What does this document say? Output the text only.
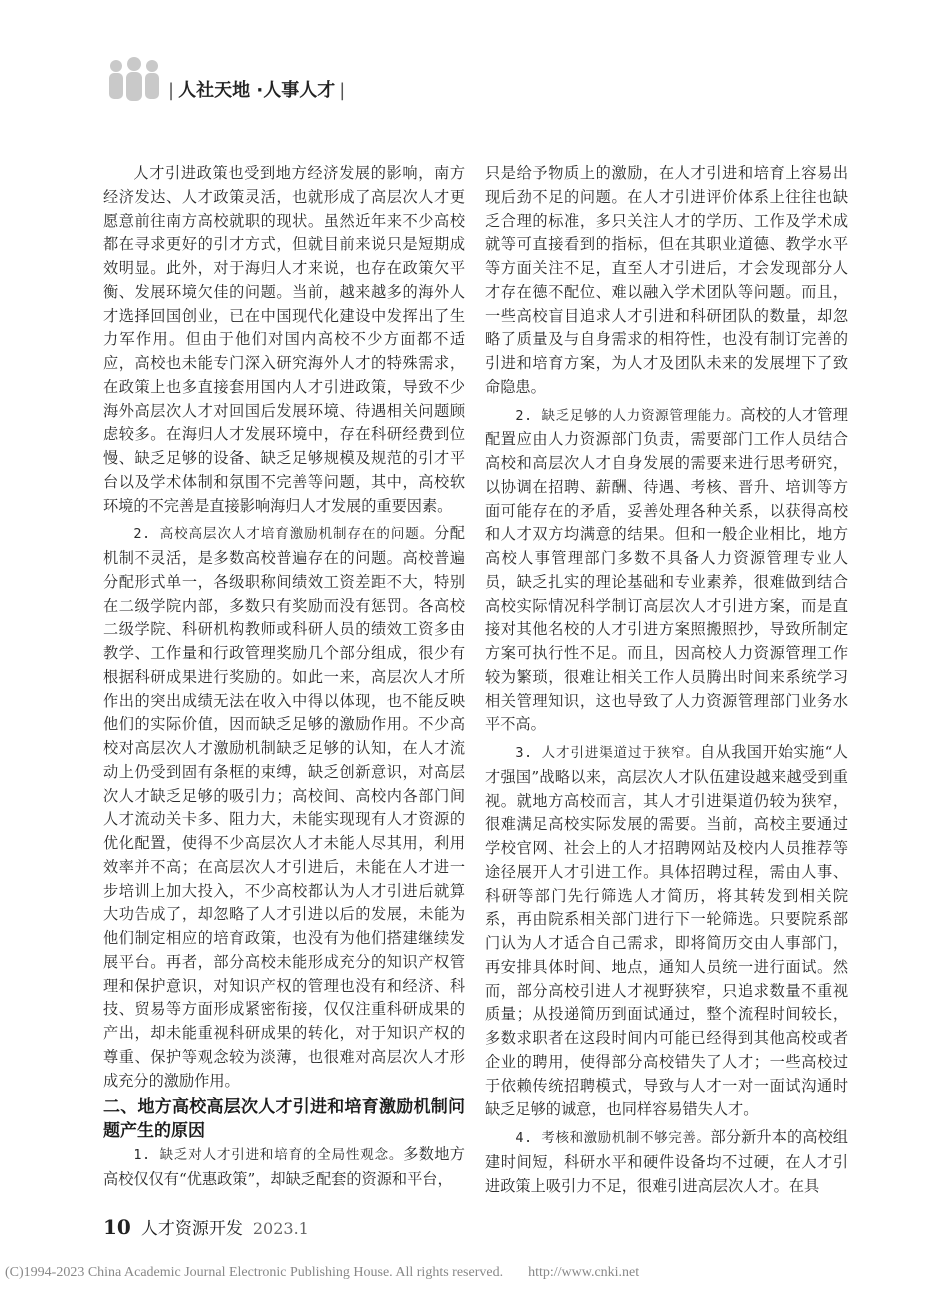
| 人社天地 ·人事人才 |

人才引进政策也受到地方经济发展的影响，南方经济发达、人才政策灵活，也就形成了高层次人才更愿意前往南方高校就职的现状。虽然近年来不少高校都在寻求更好的引才方式，但就目前来说只是短期成效明显。此外，对于海归人才来说，也存在政策欠平衡、发展环境欠佳的问题。当前，越来越多的海外人才选择回国创业，已在中国现代化建设中发挥出了生力军作用。但由于他们对国内高校不少方面都不适应，高校也未能专门深入研究海外人才的特殊需求，在政策上也多直接套用国内人才引进政策，导致不少海外高层次人才对回国后发展环境、待遇相关问题顾虑较多。在海归人才发展环境中，存在科研经费到位慢、缺乏足够的设备、缺乏足够规模及规范的引才平台以及学术体制和氛围不完善等问题，其中，高校软环境的不完善是直接影响海归人才发展的重要因素。

2. 高校高层次人才培育激励机制存在的问题。分配机制不灵活，是多数高校普遍存在的问题。高校普遍分配形式单一，各级职称间绩效工资差距不大，特别在二级学院内部，多数只有奖励而没有惩罚。各高校二级学院、科研机构教师或科研人员的绩效工资多由教学、工作量和行政管理奖励几个部分组成，很少有根据科研成果进行奖励的。如此一来，高层次人才所作出的突出成绩无法在收入中得以体现，也不能反映他们的实际价值，因而缺乏足够的激励作用。不少高校对高层次人才激励机制缺乏足够的认知，在人才流动上仍受到固有条框的束缚，缺乏创新意识，对高层次人才缺乏足够的吸引力；高校间、高校内各部门间人才流动关卡多、阻力大，未能实现现有人才资源的优化配置，使得不少高层次人才未能人尽其用，利用效率并不高；在高层次人才引进后，未能在人才进一步培训上加大投入，不少高校都认为人才引进后就算大功告成了，却忽略了人才引进以后的发展，未能为他们制定相应的培育政策，也没有为他们搭建继续发展平台。再者，部分高校未能形成充分的知识产权管理和保护意识，对知识产权的管理也没有和经济、科技、贸易等方面形成紧密衔接，仅仅注重科研成果的产出，却未能重视科研成果的转化，对于知识产权的尊重、保护等观念较为淡薄，也很难对高层次人才形成充分的激励作用。

二、地方高校高层次人才引进和培育激励机制问题产生的原因

1. 缺乏对人才引进和培育的全局性观念。多数地方高校仅仅有“优惠政策”，却缺乏配套的资源和平台，

只是给予物质上的激励，在人才引进和培育上容易出现后劲不足的问题。在人才引进评价体系上往往也缺乏合理的标准，多只关注人才的学历、工作及学术成就等可直接看到的指标，但在其职业道德、教学水平等方面关注不足，直至人才引进后，才会发现部分人才存在德不配位、难以融入学术团队等问题。而且，一些高校盲目追求人才引进和科研团队的数量，却忽略了质量及与自身需求的相符性，也没有制订完善的引进和培育方案，为人才及团队未来的发展埋下了致命隐患。

2. 缺乏足够的人力资源管理能力。高校的人才管理配置应由人力资源部门负责，需要部门工作人员结合高校和高层次人才自身发展的需要来进行思考研究，以协调在招聘、薪酬、待遇、考核、晋升、培训等方面可能存在的矛盾，妥善处理各种关系，以获得高校和人才双方均满意的结果。但和一般企业相比，地方高校人事管理部门多数不具备人力资源管理专业人员，缺乏扎实的理论基础和专业素养，很难做到结合高校实际情况科学制订高层次人才引进方案，而是直接对其他名校的人才引进方案照搬照抄，导致所制定方案可执行性不足。而且，因高校人力资源管理工作较为繁琐，很难让相关工作人员腾出时间来系统学习相关管理知识，这也导致了人力资源管理部门业务水平不高。

3. 人才引进渠道过于狭窄。自从我国开始实施“人才强国”战略以来，高层次人才队伍建设越来越受到重视。就地方高校而言，其人才引进渠道仍较为狭窄，很难满足高校实际发展的需要。当前，高校主要通过学校官网、社会上的人才招聘网站及校内人员推荐等途径展开人才引进工作。具体招聘过程，需由人事、科研等部门先行筛选人才简历，将其转发到相关院系，再由院系相关部门进行下一轮筛选。只要院系部门认为人才适合自己需求，即将简历交由人事部门，再安排具体时间、地点，通知人员统一进行面试。然而，部分高校引进人才视野狭窄，只追求数量不重视质量；从投递简历到面试通过，整个流程时间较长，多数求职者在这段时间内可能已经得到其他高校或者企业的聘用，使得部分高校错失了人才；一些高校过于依赖传统招聘模式，导致与人才一对一面试沟通时缺乏足够的诚意，也同样容易错失人才。

4. 考核和激励机制不够完善。部分新升本的高校组建时间短，科研水平和硬件设备均不过硬，在人才引进政策上吸引力不足，很难引进高层次人才。在具

10 人才资源开发 2023.1
(C)1994-2023 China Academic Journal Electronic Publishing House. All rights reserved. http://www.cnki.net
